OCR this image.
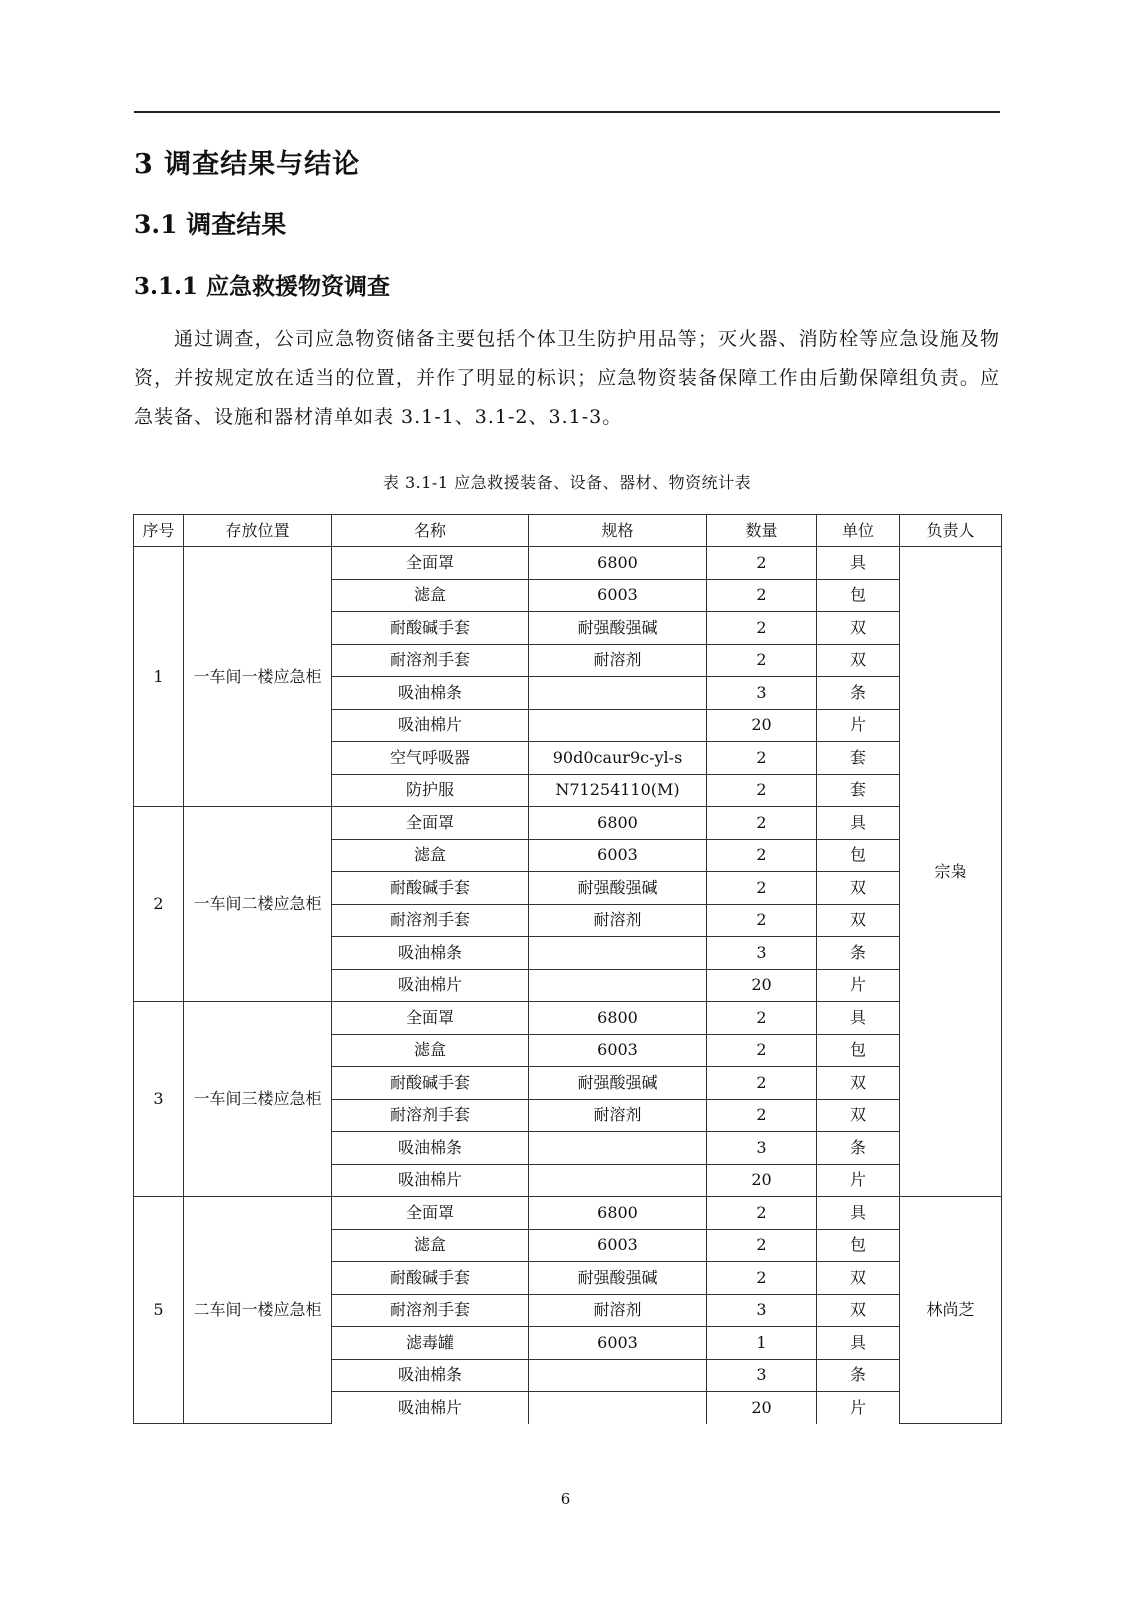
3 调查结果与结论
3.1 调查结果
3.1.1 应急救援物资调查

通过调查，公司应急物资储备主要包括个体卫生防护用品等；灭火器、消防栓等应急设施及物资，并按规定放在适当的位置，并作了明显的标识；应急物资装备保障工作由后勤保障组负责。应急装备、设施和器材清单如表 3.1-1、3.1-2、3.1-3。

表 3.1-1 应急救援装备、设备、器材、物资统计表
序号	存放位置	名称	规格	数量	单位	负责人
1	一车间一楼应急柜	全面罩	6800	2	具	宗枭
		滤盒	6003	2	包	
		耐酸碱手套	耐强酸强碱	2	双	
		耐溶剂手套	耐溶剂	2	双	
		吸油棉条		3	条	
		吸油棉片		20	片	
		空气呼吸器	90d0caur9c-yl-s	2	套	
		防护服	N71254110(M)	2	套	
2	一车间二楼应急柜	全面罩	6800	2	具	
		滤盒	6003	2	包	
		耐酸碱手套	耐强酸强碱	2	双	
		耐溶剂手套	耐溶剂	2	双	
		吸油棉条		3	条	
		吸油棉片		20	片	
3	一车间三楼应急柜	全面罩	6800	2	具	
		滤盒	6003	2	包	
		耐酸碱手套	耐强酸强碱	2	双	
		耐溶剂手套	耐溶剂	2	双	
		吸油棉条		3	条	
		吸油棉片		20	片	
5	二车间一楼应急柜	全面罩	6800	2	具	林尚芝
		滤盒	6003	2	包	
		耐酸碱手套	耐强酸强碱	2	双	
		耐溶剂手套	耐溶剂	3	双	
		滤毒罐	6003	1	具	
		吸油棉条		3	条	
		吸油棉片		20	片	
6
